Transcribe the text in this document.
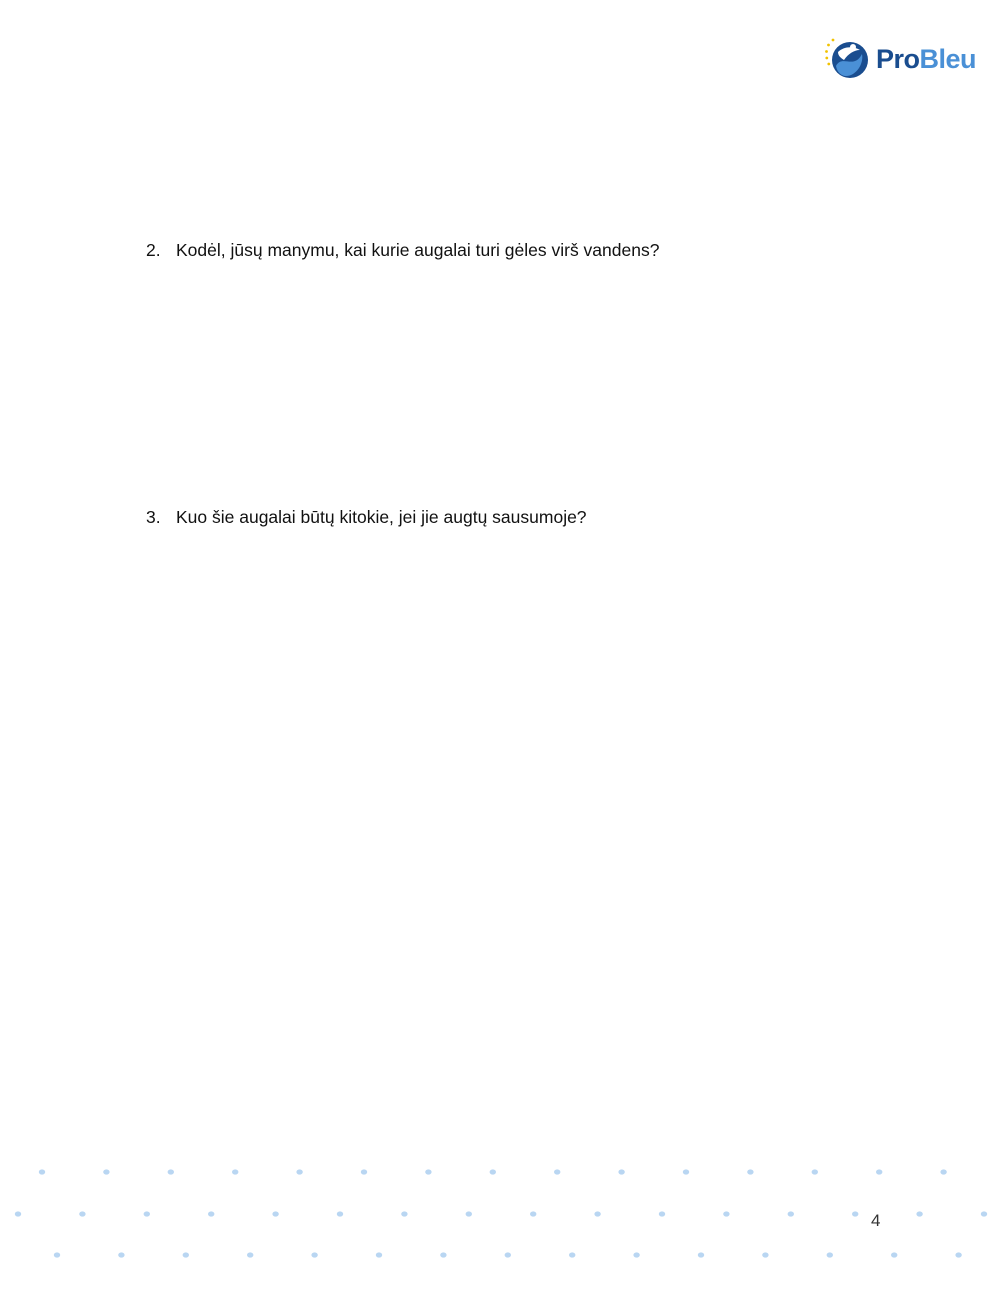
Pro Bleu
2. Kodėl, jūsų manymu, kai kurie augalai turi gėles virš vandens?
3. Kuo šie augalai būtų kitokie, jei jie augtų sausumoje?
4
